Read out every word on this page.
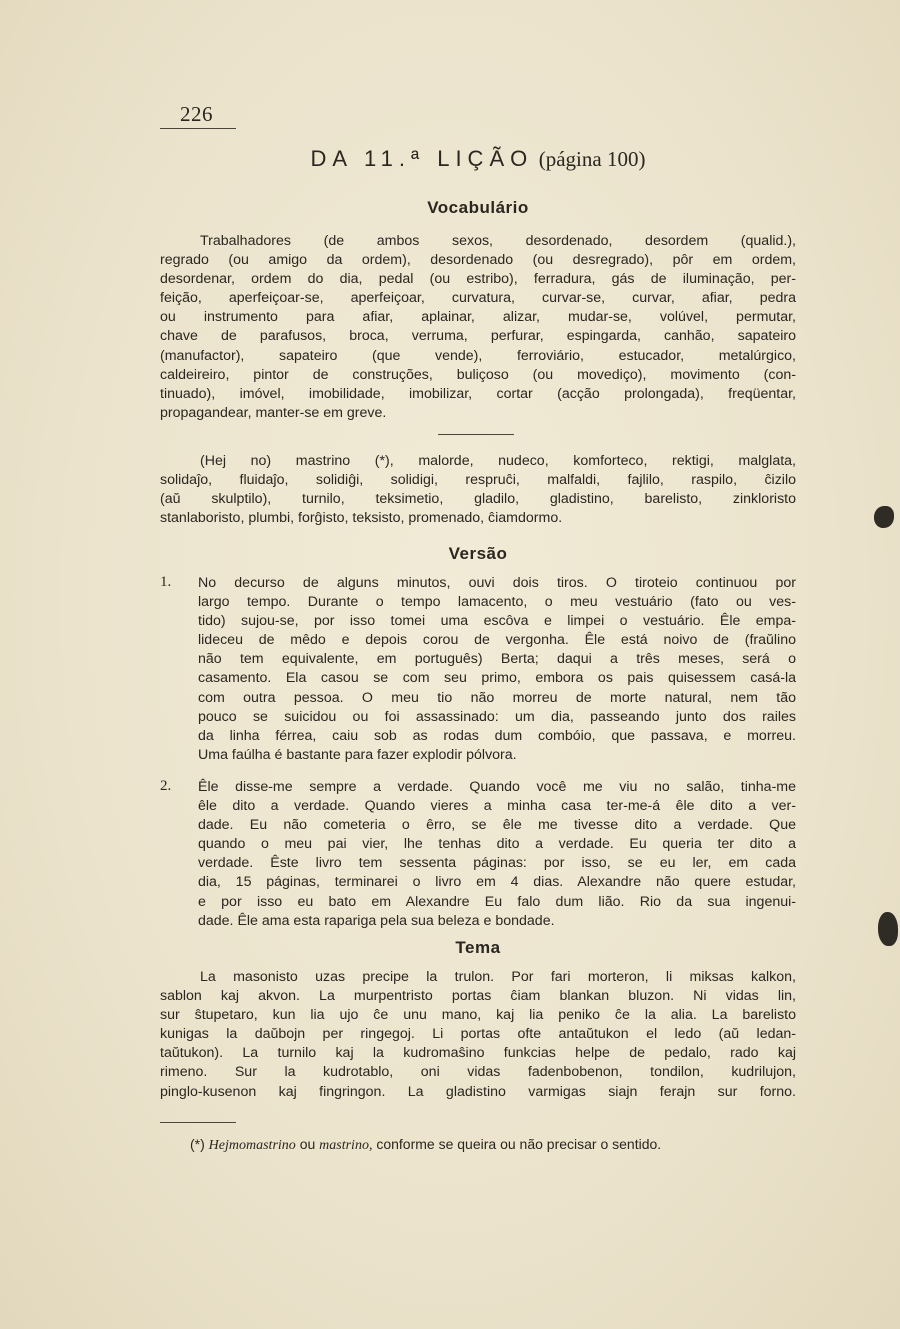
226
DA 11.ª LIÇÃO (página 100)
Vocabulário
Trabalhadores (de ambos sexos, desordenado, desordem (qualid.),
regrado (ou amigo da ordem), desordenado (ou desregrado), pôr em ordem,
desordenar, ordem do dia, pedal (ou estribo), ferradura, gás de iluminação, per-
feição, aperfeiçoar-se, aperfeiçoar, curvatura, curvar-se, curvar, afiar, pedra
ou instrumento para afiar, aplainar, alizar, mudar-se, volúvel, permutar,
chave de parafusos, broca, verruma, perfurar, espingarda, canhão, sapateiro
(manufactor), sapateiro (que vende), ferroviário, estucador, metalúrgico,
caldeireiro, pintor de construções, buliçoso (ou movediço), movimento (con-
tinuado), imóvel, imobilidade, imobilizar, cortar (acção prolongada), freqüentar,
propagandear, manter-se em greve.
(Hej no) mastrino (*), malorde, nudeco, komforteco, rektigi, malglata,
solidaĵo, fluidaĵo, solidiĝi, solidigi, respruĉi, malfaldi, fajlilo, raspilo, ĉizilo
(aŭ skulptilo), turnilo, teksimetio, gladilo, gladistino, barelisto, zinkloristo
stanlaboristo, plumbi, forĝisto, teksisto, promenado, ĉiamdormo.
Versão
1.	No decurso de alguns minutos, ouvi dois tiros. O tiroteio continuou por
largo tempo. Durante o tempo lamacento, o meu vestuário (fato ou ves-
tido) sujou-se, por isso tomei uma escôva e limpei o vestuário. Êle empa-
lideceu de mêdo e depois corou de vergonha. Êle está noivo de (fraŭlino
não tem equivalente, em português) Berta; daqui a três meses, será o
casamento. Ela casou se com seu primo, embora os pais quisessem casá-la
com outra pessoa. O meu tio não morreu de morte natural, nem tão
pouco se suicidou ou foi assassinado: um dia, passeando junto dos railes
da linha férrea, caiu sob as rodas dum combóio, que passava, e morreu.
Uma faúlha é bastante para fazer explodir pólvora.
2.	Êle disse-me sempre a verdade. Quando você me viu no salão, tinha-me
êle dito a verdade. Quando vieres a minha casa ter-me-á êle dito a ver-
dade. Eu não cometeria o êrro, se êle me tivesse dito a verdade. Que
quando o meu pai vier, lhe tenhas dito a verdade. Eu queria ter dito a
verdade. Êste livro tem sessenta páginas: por isso, se eu ler, em cada
dia, 15 páginas, terminarei o livro em 4 dias. Alexandre não quere estudar,
e por isso eu bato em Alexandre Eu falo dum lião. Rio da sua ingenui-
dade. Êle ama esta rapariga pela sua beleza e bondade.
Tema
La masonisto uzas precipe la trulon. Por fari morteron, li miksas kalkon,
sablon kaj akvon. La murpentristo portas ĉiam blankan bluzon. Ni vidas lin,
sur ŝtupetaro, kun lia ujo ĉe unu mano, kaj lia peniko ĉe la alia. La barelisto
kunigas la daŭbojn per ringegoj. Li portas ofte antaŭtukon el ledo (aŭ ledan-
taŭtukon). La turnilo kaj la kudromaŝino funkcias helpe de pedalo, rado kaj
rimeno. Sur la kudrotablo, oni vidas fadenbobenon, tondilon, kudrilujon,
pinglo-kusenon kaj fingringon. La gladistino varmigas siajn ferajn sur forno.
(*) Hejmomastrino ou mastrino, conforme se queira ou não precisar o sentido.
